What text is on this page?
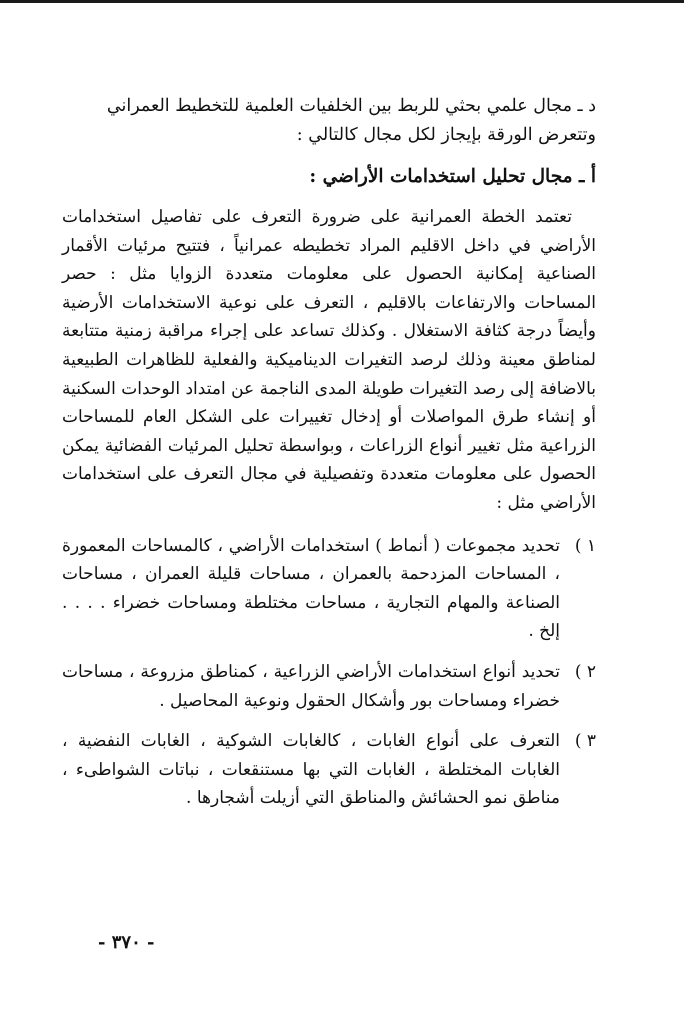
د ـ مجال علمي بحثي للربط بين الخلفيات العلمية للتخطيط العمراني

وتتعرض الورقة بإيجاز لكل مجال كالتالي :

أ ـ مجال تحليل استخدامات الأراضي :

تعتمد الخطة العمرانية على ضرورة التعرف على تفاصيل استخدامات الأراضي في داخل الاقليم المراد تخطيطه عمرانياً ، فتتيح مرئيات الأقمار الصناعية إمكانية الحصول على معلومات متعددة الزوايا مثل : حصر المساحات والارتفاعات بالاقليم ، التعرف على نوعية الاستخدامات الأرضية وأيضاً درجة كثافة الاستغلال . وكذلك تساعد على إجراء مراقبة زمنية متتابعة لمناطق معينة وذلك لرصد التغيرات الديناميكية والفعلية للظاهرات الطبيعية بالاضافة إلى رصد التغيرات طويلة المدى الناجمة عن امتداد الوحدات السكنية أو إنشاء طرق المواصلات أو إدخال تغييرات على الشكل العام للمساحات الزراعية مثل تغيير أنواع الزراعات ، وبواسطة تحليل المرئيات الفضائية يمكن الحصول على معلومات متعددة وتفصيلية في مجال التعرف على استخدامات الأراضي مثل :

١ )
تحديد مجموعات ( أنماط ) استخدامات الأراضي ، كالمساحات المعمورة ، المساحات المزدحمة بالعمران ، مساحات قليلة العمران ، مساحات الصناعة والمهام التجارية ، مساحات مختلطة ومساحات خضراء . . . . إلخ .
٢ )
تحديد أنواع استخدامات الأراضي الزراعية ، كمناطق مزروعة ، مساحات خضراء ومساحات بور وأشكال الحقول ونوعية المحاصيل .
٣ )
التعرف على أنواع الغابات ، كالغابات الشوكية ، الغابات النفضية ، الغابات المختلطة ، الغابات التي بها مستنقعات ، نباتات الشواطىء ، مناطق نمو الحشائش والمناطق التي أزيلت أشجارها .
- ٣٧٠ -
